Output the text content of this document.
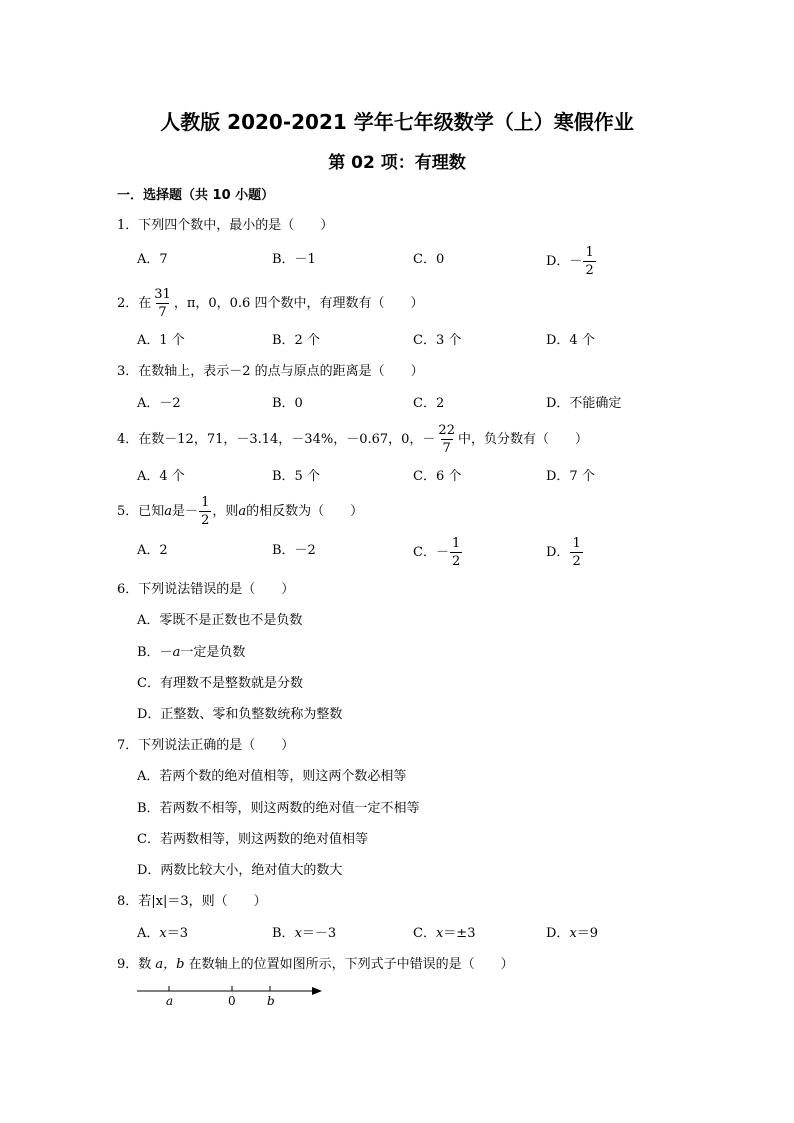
人教版 2020-2021 学年七年级数学（上）寒假作业
第 02 项：有理数
一．选择题（共 10 小题）
1．下列四个数中，最小的是（　　）
A．7	B．－1	C．0	D．－ $\frac{1}{2}$
2．在 $\frac{31}{7}$ ，π，0，0.6 四个数中，有理数有（　　）
A．1 个	B．2 个	C．3 个	D．4 个
3．在数轴上，表示－2 的点与原点的距离是（　　）
A．－2	B．0	C．2	D．不能确定
4．在数－12，71，－3.14，－34%，－0.67，0，－ $\frac{22}{7}$ 中，负分数有（　　）
A．4 个	B．5 个	C．6 个	D．7 个
5．已知a是－ $\frac{1}{2}$ ，则a的相反数为（　　）
A．2	B．－2	C．－ $\frac{1}{2}$	D． $\frac{1}{2}$
6．下列说法错误的是（　　）
A．零既不是正数也不是负数
B．－a一定是负数
C．有理数不是整数就是分数
D．正整数、零和负整数统称为整数
7．下列说法正确的是（　　）
A．若两个数的绝对值相等，则这两个数必相等
B．若两数不相等，则这两数的绝对值一定不相等
C．若两数相等，则这两数的绝对值相等
D．两数比较大小，绝对值大的数大
8．若|x|＝3，则（　　）
A．x＝3	B．x＝－3	C．x＝±3	D．x＝9
9．数 a，b 在数轴上的位置如图所示，下列式子中错误的是（　　）
a	0	b
